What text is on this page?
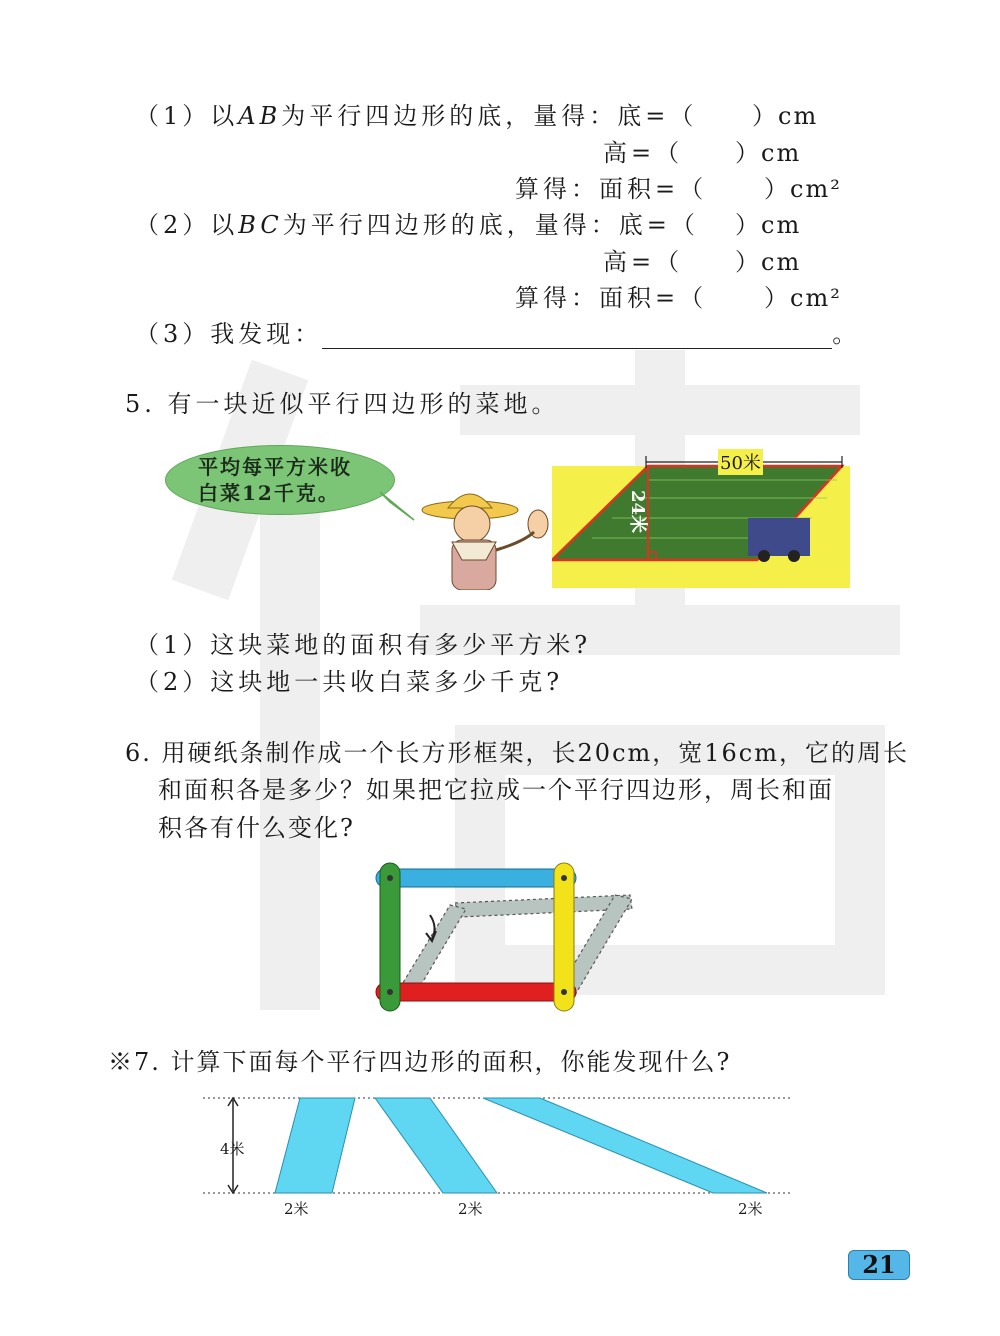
（1）以AB为平行四边形的底，量得：底=（ ）cm
高=（ ）cm
算得：面积=（ ）cm²
（2）以BC为平行四边形的底，量得：底=（ ）cm
高=（ ）cm
算得：面积=（ ）cm²
（3）我发现：	。
5. 有一块近似平行四边形的菜地。
平均每平方米收
白菜12千克。
50米
24米
（1）这块菜地的面积有多少平方米?
（2）这块地一共收白菜多少千克?
6. 用硬纸条制作成一个长方形框架，长20cm，宽16cm，它的周长
和面积各是多少？如果把它拉成一个平行四边形，周长和面
积各有什么变化?
※7. 计算下面每个平行四边形的面积，你能发现什么?
4米
2米	2米	2米
21
